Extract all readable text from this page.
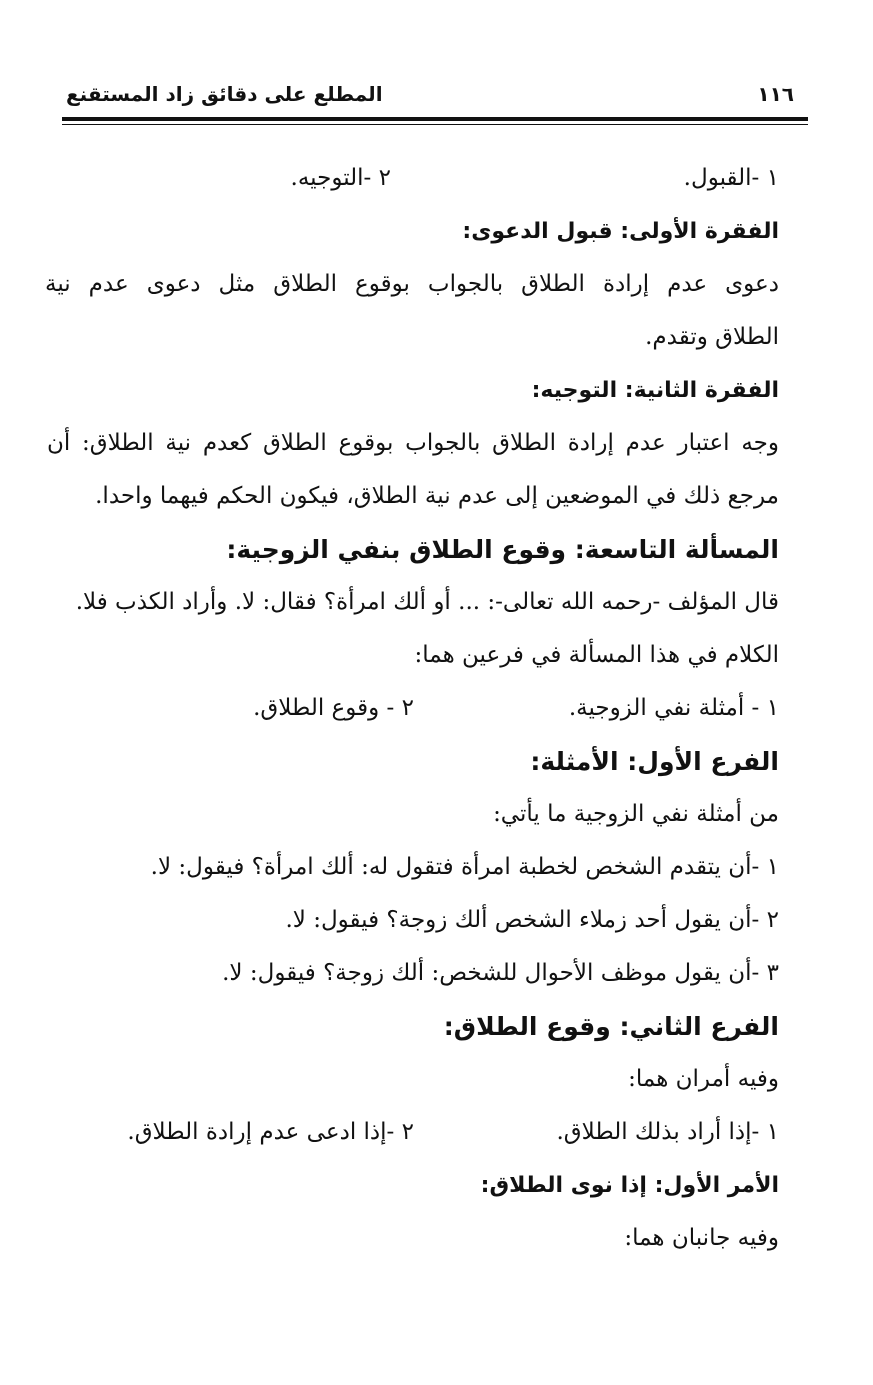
١١٦
المطلع على دقائق زاد المستقنع
١ -القبول.
٢ -التوجيه.
الفقرة الأولى: قبول الدعوى:
دعوى عدم إرادة الطلاق بالجواب بوقوع الطلاق مثل دعوى عدم نية
الطلاق وتقدم.
الفقرة الثانية: التوجيه:
وجه اعتبار عدم إرادة الطلاق بالجواب بوقوع الطلاق كعدم نية الطلاق: أن
مرجع ذلك في الموضعين إلى عدم نية الطلاق، فيكون الحكم فيهما واحدا.
المسألة التاسعة: وقوع الطلاق بنفي الزوجية:
قال المؤلف -رحمه الله تعالى-: ... أو ألك امرأة؟ فقال: لا. وأراد الكذب فلا.
الكلام في هذا المسألة في فرعين هما:
١ - أمثلة نفي الزوجية.
٢ - وقوع الطلاق.
الفرع الأول: الأمثلة:
من أمثلة نفي الزوجية ما يأتي:
١ -أن يتقدم الشخص لخطبة امرأة فتقول له: ألك امرأة؟ فيقول: لا.
٢ -أن يقول أحد زملاء الشخص ألك زوجة؟ فيقول: لا.
٣ -أن يقول موظف الأحوال للشخص: ألك زوجة؟ فيقول: لا.
الفرع الثاني: وقوع الطلاق:
وفيه أمران هما:
١ -إذا أراد بذلك الطلاق.
٢ -إذا ادعى عدم إرادة الطلاق.
الأمر الأول: إذا نوى الطلاق:
وفيه جانبان هما:
